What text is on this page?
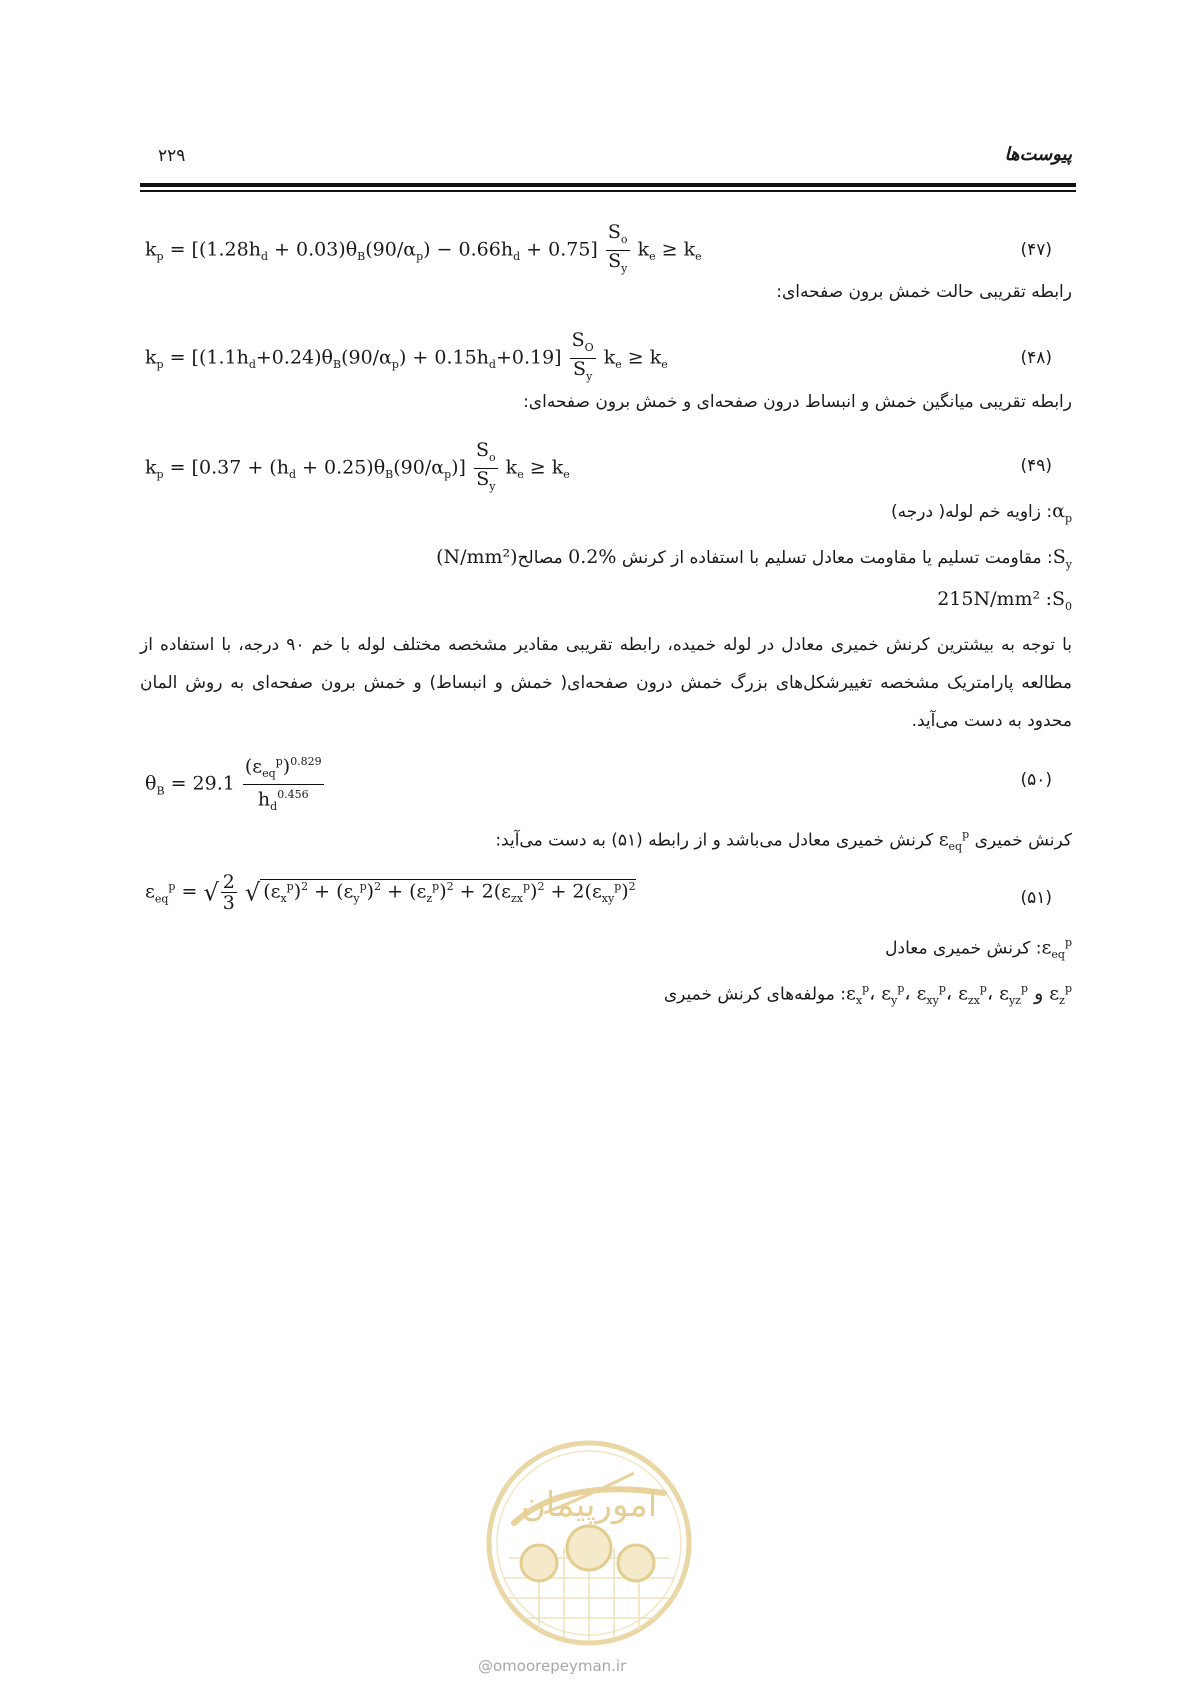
۲۲۹	پیوست‌ها
$k_p = [(1.28h_d + 0.03)\theta_B(90/\alpha_p) - 0.66h_d + 0.75] \frac{S_o}{S_y} k_e \ge k_e$	(۴۷)
رابطه تقریبی حالت خمش برون صفحه‌ای:
$k_p = [(1.1h_d+0.24)\theta_B(90/\alpha_p) + 0.15h_d+0.19] \frac{S_O}{S_y} k_e \ge k_e$	(۴۸)
رابطه تقریبی میانگین خمش و انبساط درون صفحه‌ای و خمش برون صفحه‌ای:
$k_p = [0.37 + (h_d + 0.25)\theta_B(90/\alpha_p)] \frac{S_o}{S_y} k_e \ge k_e$	(۴۹)
$\alpha_p$: زاویه خم لوله( درجه)
$S_y$: مقاومت تسلیم یا مقاومت معادل تسلیم با استفاده از کرنش 0.2% مصالح(N/mm²)
$:S_0$ 215N/mm²
با توجه به بیشترین کرنش خمیری معادل در لوله خمیده، رابطه تقریبی مقادیر مشخصه مختلف لوله با خم ۹۰ درجه، با استفاده از مطالعه پارامتریک مشخصه تغییرشکل‌های بزرگ خمش درون صفحه‌ای( خمش و انبساط) و خمش برون صفحه‌ای به روش المان محدود به دست می‌آید.
$\theta_B = 29.1 \frac{(\varepsilon_{eq}^p)^{0.829}}{h_d^{0.456}}$	(۵۰)
کرنش خمیری $\varepsilon_{eq}^p$ کرنش خمیری معادل می‌باشد و از رابطه (۵۱) به دست می‌آید:
$\varepsilon_{eq}^p$ = √ $\frac{2}{3}$ √ $(\varepsilon_x^p)^2 + (\varepsilon_y^p)^2 + (\varepsilon_z^p)^2 + 2(\varepsilon_{zx}^p)^2 + 2(\varepsilon_{xy}^p)^2$
(۵۱)
$\varepsilon_{eq}^p$: کرنش خمیری معادل
$\varepsilon_x^p،$ $\varepsilon_y^p،$ $\varepsilon_{xy}^p،$ $\varepsilon_{zx}^p،$ $\varepsilon_{yz}^p$ و $\varepsilon_z^p$: مولفه‌های کرنش خمیری
امورپیمان
@omoorepeyman.ir
